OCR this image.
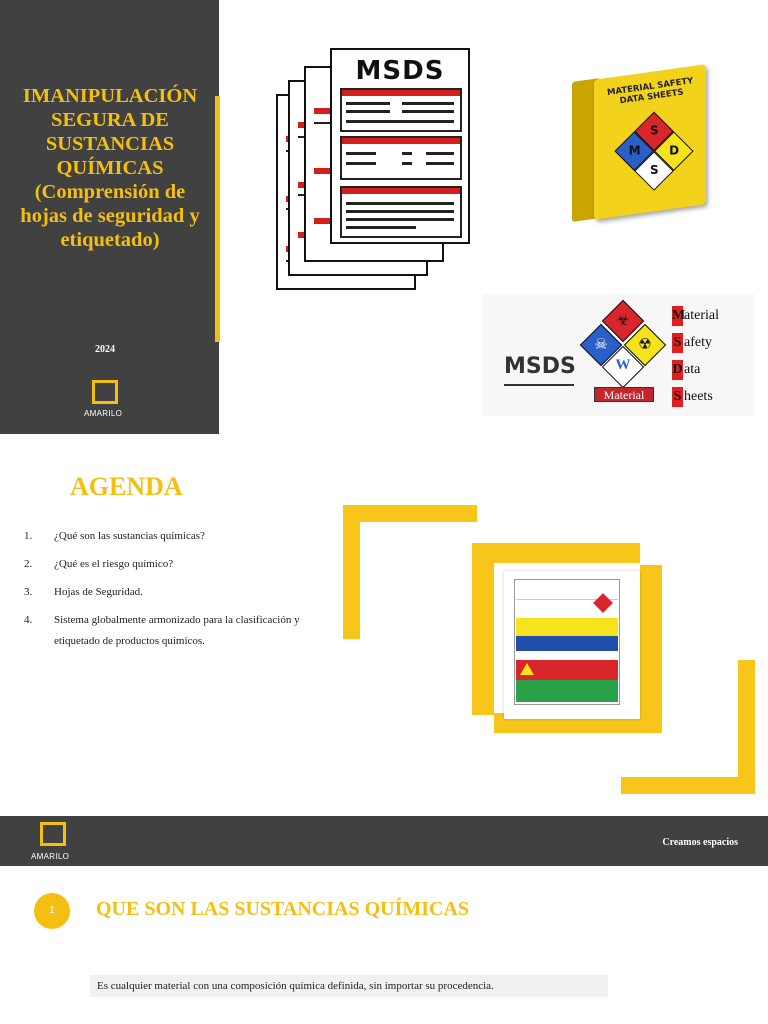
IMANIPULACIÓN SEGURA DE SUSTANCIAS QUÍMICAS (Comprensión de hojas de seguridad y etiquetado)
2024
AMARILO
MSDS
MATERIAL SAFETY DATA SHEETS
S
D
M
S
MSDS
☣
☠	☢
W
Material
M
aterial
S afety
D ata
S heets
AGENDA
1.	¿Qué son las sustancias químicas?
2.	¿Qué es el riesgo químico?
3.	Hojas de Seguridad.
4.	Sistema globalmente armonizado para la clasificación y etiquetado de productos químicos.
AMARILO
Creamos espacios
1	QUE SON LAS SUSTANCIAS QUÍMICAS
Es cualquier material con una composición química definida, sin importar su procedencia.
